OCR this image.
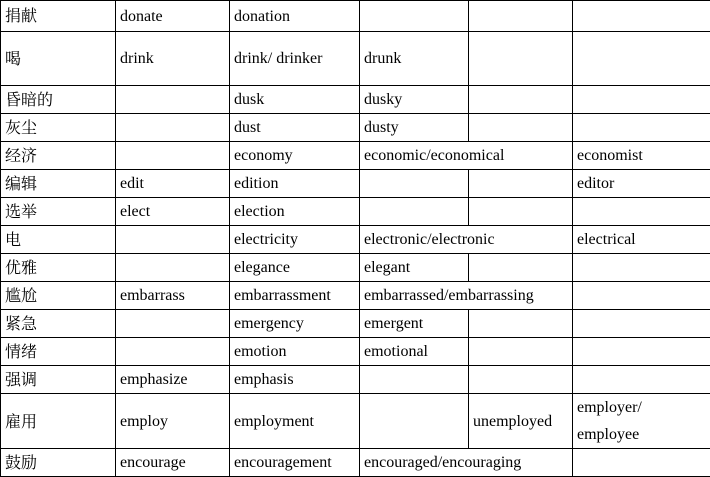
捐献	donate	donation			
喝	drink	drink/ drinker	drunk		
昏暗的		dusk	dusky		
灰尘		dust	dusty		
经济		economy	economic/economical		economist
编辑	edit	edition			editor
选举	elect	election			
电		electricity	electronic/electronic		electrical
优雅		elegance	elegant		
尴尬	embarrass	embarrassment	embarrassed/embarrassing		
紧急		emergency	emergent		
情绪		emotion	emotional		
强调	emphasize	emphasis			
雇用	employ	employment		unemployed	employer/ employee
鼓励	encourage	encouragement	encouraged/encouraging		
